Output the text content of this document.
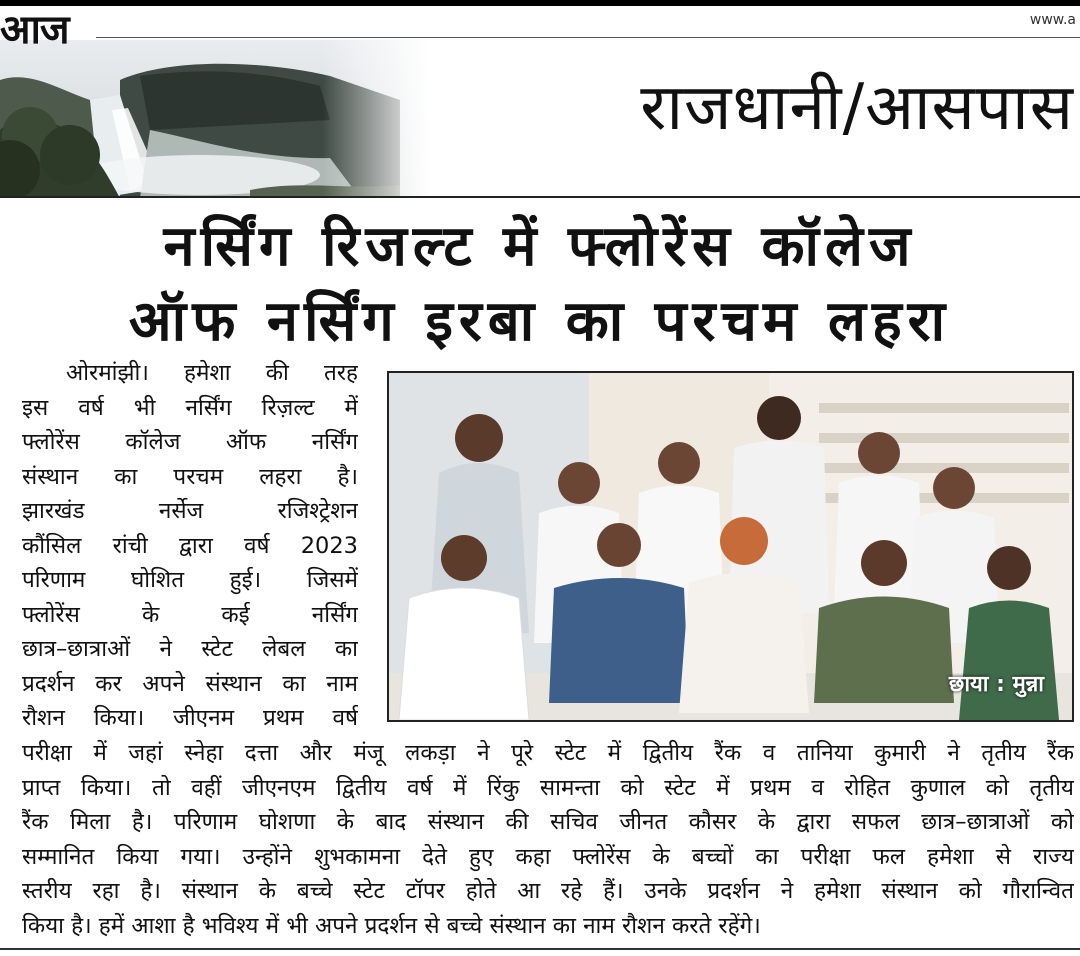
आज	www.a
राजधानी/आसपास
नर्सिंग रिजल्ट में फ्लोरेंस कॉलेज
ऑफ नर्सिंग इरबा का परचम लहरा
ओरमांझी। हमेशा की तरह
इस वर्ष भी नर्सिंग रिज़ल्ट में
फ्लोरेंस कॉलेज ऑफ नर्सिंग
संस्थान का परचम लहरा है।
झारखंड नर्सेज रजिश्ट्रेशन
कौंसिल रांची द्वारा वर्ष 2023
परिणाम घोशित हुई। जिसमें
फ्लोरेंस के कई नर्सिंग
छात्र–छात्राओं ने स्टेट लेबल का
प्रदर्शन कर अपने संस्थान का नाम
रौशन किया। जीएनम प्रथम वर्ष
छाया : मुन्ना
परीक्षा में जहां स्नेहा दत्ता और मंजू लकड़ा ने पूरे स्टेट में द्वितीय रैंक व तानिया कुमारी ने तृतीय रैंक
प्राप्त किया। तो वहीं जीएनएम द्वितीय वर्ष में रिंकु सामन्ता को स्टेट में प्रथम व रोहित कुणाल को तृतीय
रैंक मिला है। परिणाम घोशणा के बाद संस्थान की सचिव जीनत कौसर के द्वारा सफल छात्र–छात्राओं को
सम्मानित किया गया। उन्होंने शुभकामना देते हुए कहा फ्लोरेंस के बच्चों का परीक्षा फल हमेशा से राज्य
स्तरीय रहा है। संस्थान के बच्चे स्टेट टॉपर होते आ रहे हैं। उनके प्रदर्शन ने हमेशा संस्थान को गौरान्वित
किया है। हमें आशा है भविश्य में भी अपने प्रदर्शन से बच्चे संस्थान का नाम रौशन करते रहेंगे।
